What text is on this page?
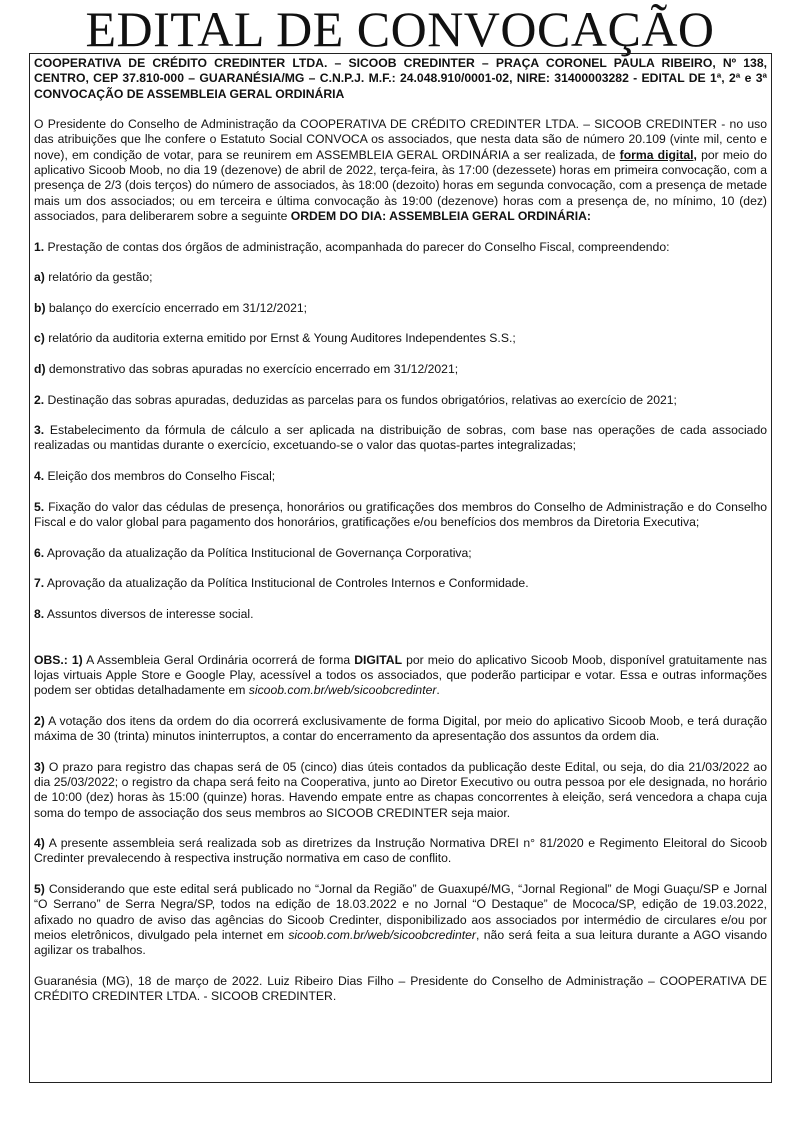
EDITAL DE CONVOCAÇÃO

COOPERATIVA DE CRÉDITO CREDINTER LTDA. – SICOOB CREDINTER – PRAÇA CORONEL PAULA RIBEIRO, Nº 138, CENTRO, CEP 37.810-000 – GUARANÉSIA/MG – C.N.P.J. M.F.: 24.048.910/0001-02, NIRE: 31400003282 - EDITAL DE 1ª, 2ª e 3ª CONVOCAÇÃO DE ASSEMBLEIA GERAL ORDINÁRIA

O Presidente do Conselho de Administração da COOPERATIVA DE CRÉDITO CREDINTER LTDA. – SICOOB CREDINTER - no uso das atribuições que lhe confere o Estatuto Social CONVOCA os associados, que nesta data são de número 20.109 (vinte mil, cento e nove), em condição de votar, para se reunirem em ASSEMBLEIA GERAL ORDINÁRIA a ser realizada, de forma digital, por meio do aplicativo Sicoob Moob, no dia 19 (dezenove) de abril de 2022, terça-feira, às 17:00 (dezessete) horas em primeira convocação, com a presença de 2/3 (dois terços) do número de associados, às 18:00 (dezoito) horas em segunda convocação, com a presença de metade mais um dos associados; ou em terceira e última convocação às 19:00 (dezenove) horas com a presença de, no mínimo, 10 (dez) associados, para deliberarem sobre a seguinte ORDEM DO DIA: ASSEMBLEIA GERAL ORDINÁRIA:

1. Prestação de contas dos órgãos de administração, acompanhada do parecer do Conselho Fiscal, compreendendo:

a) relatório da gestão;

b) balanço do exercício encerrado em 31/12/2021;

c) relatório da auditoria externa emitido por Ernst & Young Auditores Independentes S.S.;

d) demonstrativo das sobras apuradas no exercício encerrado em 31/12/2021;

2. Destinação das sobras apuradas, deduzidas as parcelas para os fundos obrigatórios, relativas ao exercício de 2021;

3. Estabelecimento da fórmula de cálculo a ser aplicada na distribuição de sobras, com base nas operações de cada associado realizadas ou mantidas durante o exercício, excetuando-se o valor das quotas-partes integralizadas;

4. Eleição dos membros do Conselho Fiscal;

5. Fixação do valor das cédulas de presença, honorários ou gratificações dos membros do Conselho de Administração e do Conselho Fiscal e do valor global para pagamento dos honorários, gratificações e/ou benefícios dos membros da Diretoria Executiva;

6. Aprovação da atualização da Política Institucional de Governança Corporativa;

7. Aprovação da atualização da Política Institucional de Controles Internos e Conformidade.

8. Assuntos diversos de interesse social.

OBS.: 1) A Assembleia Geral Ordinária ocorrerá de forma DIGITAL por meio do aplicativo Sicoob Moob, disponível gratuitamente nas lojas virtuais Apple Store e Google Play, acessível a todos os associados, que poderão participar e votar. Essa e outras informações podem ser obtidas detalhadamente em sicoob.com.br/web/sicoobcredinter.

2) A votação dos itens da ordem do dia ocorrerá exclusivamente de forma Digital, por meio do aplicativo Sicoob Moob, e terá duração máxima de 30 (trinta) minutos ininterruptos, a contar do encerramento da apresentação dos assuntos da ordem dia.

3) O prazo para registro das chapas será de 05 (cinco) dias úteis contados da publicação deste Edital, ou seja, do dia 21/03/2022 ao dia 25/03/2022; o registro da chapa será feito na Cooperativa, junto ao Diretor Executivo ou outra pessoa por ele designada, no horário de 10:00 (dez) horas às 15:00 (quinze) horas. Havendo empate entre as chapas concorrentes à eleição, será vencedora a chapa cuja soma do tempo de associação dos seus membros ao SICOOB CREDINTER seja maior.

4) A presente assembleia será realizada sob as diretrizes da Instrução Normativa DREI n° 81/2020 e Regimento Eleitoral do Sicoob Credinter prevalecendo à respectiva instrução normativa em caso de conflito.

5) Considerando que este edital será publicado no “Jornal da Região” de Guaxupé/MG, “Jornal Regional” de Mogi Guaçu/SP e Jornal “O Serrano” de Serra Negra/SP, todos na edição de 18.03.2022 e no Jornal “O Destaque” de Mococa/SP, edição de 19.03.2022, afixado no quadro de aviso das agências do Sicoob Credinter, disponibilizado aos associados por intermédio de circulares e/ou por meios eletrônicos, divulgado pela internet em sicoob.com.br/web/sicoobcredinter, não será feita a sua leitura durante a AGO visando agilizar os trabalhos.

Guaranésia (MG), 18 de março de 2022. Luiz Ribeiro Dias Filho – Presidente do Conselho de Administração – COOPERATIVA DE CRÉDITO CREDINTER LTDA. - SICOOB CREDINTER.
